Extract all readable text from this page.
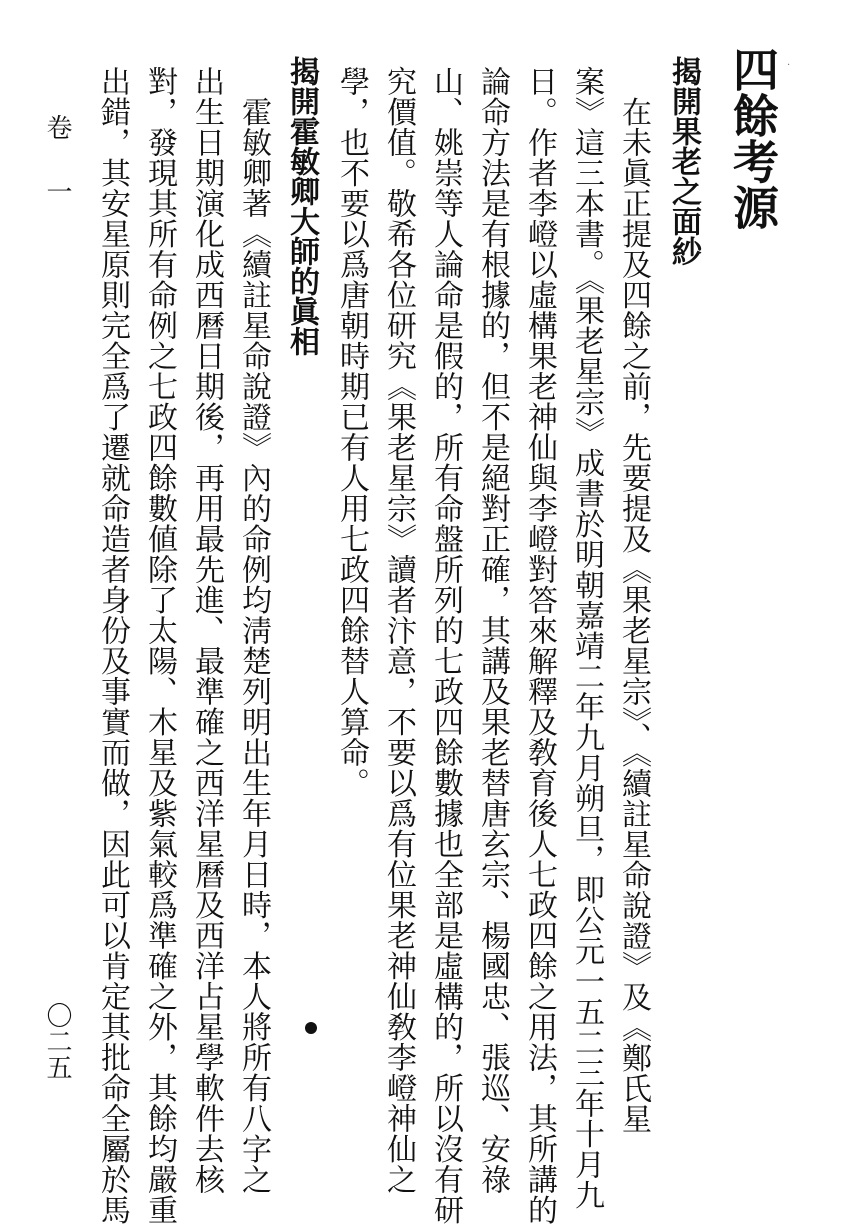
·
四餘考源
揭開果老之面紗
　在未眞正提及四餘之前，先要提及《果老星宗》、《續註星命說證》及《鄭氏星
案》這三本書。《果老星宗》成書於明朝嘉靖二年九月朔旦，即公元一五二三年十月九
日。作者李嶝以虛構果老神仙與李嶝對答來解釋及敎育後人七政四餘之用法，其所講的
論命方法是有根據的，但不是絕對正確，其講及果老替唐玄宗、楊國忠、張巡、安祿
山、姚崇等人論命是假的，所有命盤所列的七政四餘數據也全部是虛構的，所以沒有研
究價值。敬希各位研究《果老星宗》讀者汴意，不要以爲有位果老神仙敎李嶝神仙之
學，也不要以爲唐朝時期已有人用七政四餘替人算命。
揭開霍敏卿大師的眞相
　霍敏卿著《續註星命說證》內的命例均淸楚列明出生年月日時，本人將所有八字之
出生日期演化成西曆日期後，再用最先進、最準確之西洋星曆及西洋占星學軟件去核
對，發現其所有命例之七政四餘數値除了太陽、木星及紫氣較爲準確之外，其餘均嚴重
出錯，其安星原則完全爲了遷就命造者身份及事實而做，因此可以肯定其批命全屬於馬
卷　一
〇二五
